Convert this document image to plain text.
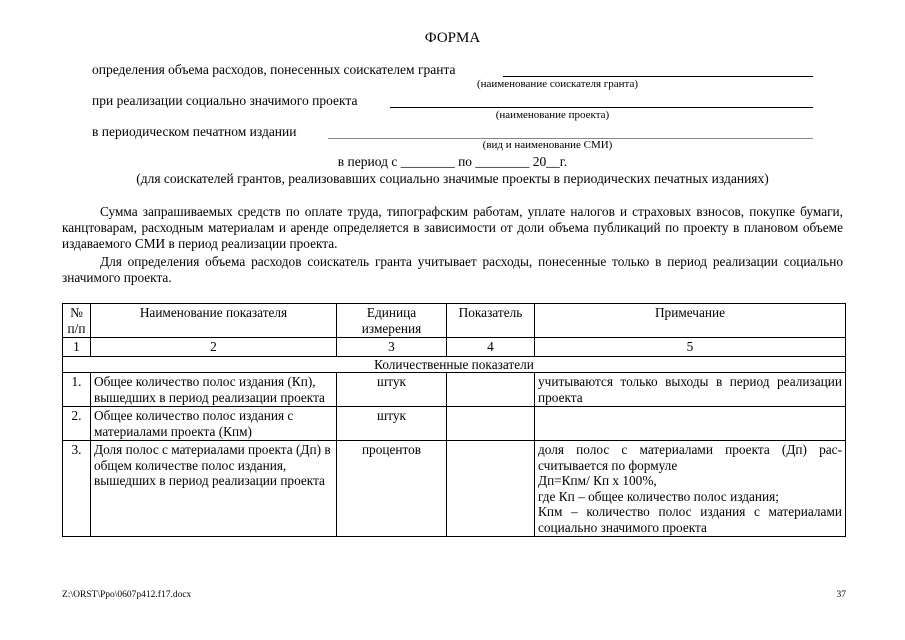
ФОРМА
определения объема расходов, понесенных соискателем гранта
(наименование соискателя гранта)
при реализации социально значимого проекта
(наименование проекта)
в периодическом печатном издании
(вид и наименование СМИ)
в период с ________ по ________ 20__г.
(для соискателей грантов, реализовавших социально значимые проекты в периодических печатных изданиях)
Сумма запрашиваемых средств по оплате труда, типографским работам, уплате налогов и страховых взносов, покупке бумаги, канцтоварам, расходным материалам и аренде определяется в зависимости от доли объема публикаций по проекту в плановом объеме издаваемого СМИ в период реализации проекта.
Для определения объема расходов соискатель гранта учитывает расходы, понесенные только в период реализации социально значимого проекта.
№ п/п	Наименование показателя	Единица измерения	Показатель	Примечание
1	2	3	4	5
Количественные показатели				
1.	Общее количество полос издания (Кп), вышедших в период реализации проекта	штук		учитываются только выходы в период реализации проекта
2.	Общее количество полос издания с материалами проекта (Кпм)	штук		
3.	Доля полос с материалами проекта (Дп) в общем количестве полос издания, вышедших в период реализации проекта	процентов		доля полос с материалами проекта (Дп) рас-считывается по формуле
Дп=Кпм/ Кп х 100%,
где Кп – общее количество полос издания;
Кпм – количество полос издания с материалами социально значимого проекта
Z:\ORST\Ppo\0607p412.f17.docx	37
